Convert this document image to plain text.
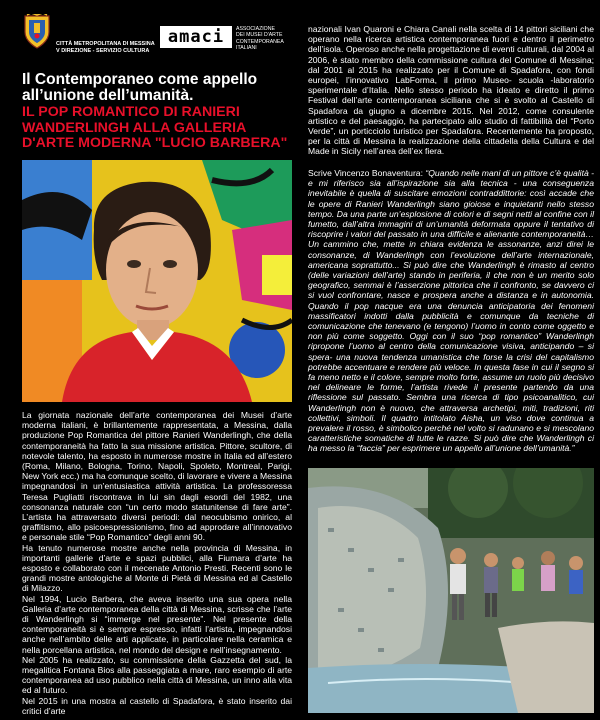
CITTÀ METROPOLITANA DI MESSINA
V DIREZIONE - SERVIZIO CULTURA
amaci	ASSOCIAZIONE
DEI MUSEI D'ARTE
CONTEMPORANEA
ITALIANI
Il Contemporaneo come appello all’unione dell’umanità.
IL POP ROMANTICO DI RANIERI WANDERLINGH ALLA GALLERIA D'ARTE MODERNA "LUCIO BARBERA"

La giornata nazionale dell’arte contemporanea dei Musei d’arte moderna italiani, è brillantemente rappresentata, a Messina, dalla produzione Pop Romantica del pittore Ranieri Wanderlingh, che della contemporaneità ha fatto la sua missione artistica. Pittore, scultore, di notevole talento, ha esposto in numerose mostre in Italia ed all’estero (Roma, Milano, Bologna, Torino, Napoli, Spoleto, Montreal, Parigi, New York ecc.) ma ha comunque scelto, di lavorare e vivere a Messina impegnandosi in un’entusiastica attività artistica. La professoressa Teresa Pugliatti riscontrava in lui sin dagli esordi del 1982, una consonanza naturale con “un certo modo statunitense di fare arte”. L’artista ha attraversato diversi periodi: dal neocubismo onirico, al graffitismo, allo psicoespressionismo, fino ad approdare all’innovativo e personale stile “Pop Romantico” degli anni 90.

Ha tenuto numerose mostre anche nella provincia di Messina, in importanti gallerie d’arte e spazi pubblici, alla Fiumara d’arte ha esposto e collaborato con il mecenate Antonio Presti. Recenti sono le grandi mostre antologiche al Monte di Pietà di Messina ed al Castello di Milazzo.

Nel 1994, Lucio Barbera, che aveva inserito una sua opera nella Galleria d’arte contemporanea della città di Messina, scrisse che l’arte di Wanderlingh si “immerge nel presente”. Nel presente della contemporaneità si è sempre espresso, infatti l’artista, impegnandosi anche nell’ambito delle arti applicate, in particolare nella ceramica e nella porcellana artistica, nel mondo del design e nell’insegnamento.

Nel 2005 ha realizzato, su commissione della Gazzetta del sud, la megalitica Fontana Bios alla passeggiata a mare, raro esempio di arte contemporanea ad uso pubblico nella città di Messina, un inno alla vita ed al futuro.

Nel 2015 in una mostra al castello di Spadafora, è stato inserito dai critici d’arte

nazionali Ivan Quaroni e Chiara Canali nella scelta di 14 pittori siciliani che operano nella ricerca artistica contemporanea fuori e dentro il perimetro dell’isola. Operoso anche nella progettazione di eventi culturali, dal 2004 al 2006, è stato membro della commissione cultura del Comune di Messina; dal 2001 al 2015 ha realizzato per il Comune di Spadafora, con fondi europei, l’innovativo LabForma, il primo Museo- scuola -laboratorio sperimentale d’Italia. Nello stesso periodo ha ideato e diretto il primo Festival dell’arte contemporanea siciliana che si è svolto al Castello di Spadafora da giugno a dicembre 2015. Nel 2012, come consulente artistico e del paesaggio, ha partecipato allo studio di fattibilità del “Porto Verde”, un porticciolo turistico per Spadafora. Recentemente ha proposto, per la città di Messina la realizzazione della cittadella della Cultura e del Made in Sicily nell’area dell’ex fiera.

Scrive Vincenzo Bonaventura: “Quando nelle mani di un pittore c’è qualità - e mi riferisco sia all’ispirazione sia alla tecnica - una conseguenza inevitabile è quella di suscitare emozioni contraddittorie: così accade che le opere di Ranieri Wanderlingh siano gioiose e inquietanti nello stesso tempo. Da una parte un’esplosione di colori e di segni netti al confine con il fumetto, dall’altra immagini di un’umanità deformata oppure il tentativo di riscoprire i valori del passato in una difficile e alienante contemporaneità… Un cammino che, mette in chiara evidenza le assonanze, anzi direi le consonanze, di Wanderlingh con l’evoluzione dell’arte internazionale, americana soprattutto... Si può dire che Wanderlingh è rimasto al centro (delle variazioni dell’arte) stando in periferia, il che non è un merito solo geografico, semmai è l’asserzione pittorica che il confronto, se davvero ci si vuol confrontare, nasce e prospera anche a distanza e in autonomia. Quando il pop nacque era una denuncia anticipatoria dei fenomeni massificatori indotti dalla pubblicità e comunque da tecniche di comunicazione che tenevano (e tengono) l’uomo in conto come oggetto e non più come soggetto. Oggi con il suo “pop romantico” Wanderlingh ripropone l’uomo al centro della comunicazione visiva, anticipando – si spera- una nuova tendenza umanistica che forse la crisi del capitalismo potrebbe accentuare e rendere più veloce. In questa fase in cui il segno si fa meno netto e il colore, sempre molto forte, assume un ruolo più decisivo nel delineare le forme, l’artista rivede il presente partendo da una riflessione sul passato. Sembra una ricerca di tipo psicoanalitico, cui Wanderlingh non è nuovo, che attraversa archetipi, miti, tradizioni, riti collettivi, simboli. Il quadro intitolato Aisha, un viso dove continua a prevalere il rosso, è simbolico perché nel volto si radunano e si mescolano caratteristiche somatiche di tutte le razze. Si può dire che Wanderlingh ci ha messo la “faccia” per esprimere un appello all’unione dell’umanità.”
